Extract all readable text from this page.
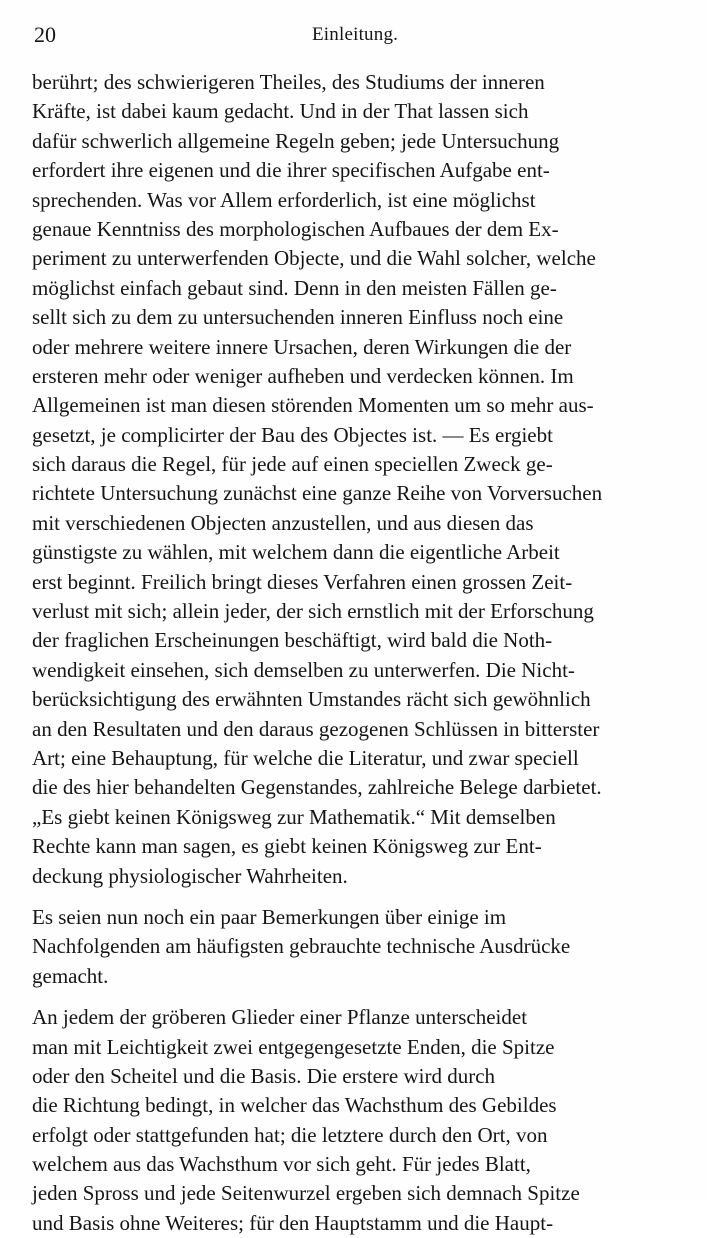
20	Einleitung.
berührt; des schwierigeren Theiles, des Studiums der inneren
Kräfte, ist dabei kaum gedacht. Und in der That lassen sich
dafür schwerlich allgemeine Regeln geben; jede Untersuchung
erfordert ihre eigenen und die ihrer specifischen Aufgabe ent-
sprechenden. Was vor Allem erforderlich, ist eine möglichst
genaue Kenntniss des morphologischen Aufbaues der dem Ex-
periment zu unterwerfenden Objecte, und die Wahl solcher, welche
möglichst einfach gebaut sind. Denn in den meisten Fällen ge-
sellt sich zu dem zu untersuchenden inneren Einfluss noch eine
oder mehrere weitere innere Ursachen, deren Wirkungen die der
ersteren mehr oder weniger aufheben und verdecken können. Im
Allgemeinen ist man diesen störenden Momenten um so mehr aus-
gesetzt, je complicirter der Bau des Objectes ist. — Es ergiebt
sich daraus die Regel, für jede auf einen speciellen Zweck ge-
richtete Untersuchung zunächst eine ganze Reihe von Vorversuchen
mit verschiedenen Objecten anzustellen, und aus diesen das
günstigste zu wählen, mit welchem dann die eigentliche Arbeit
erst beginnt. Freilich bringt dieses Verfahren einen grossen Zeit-
verlust mit sich; allein jeder, der sich ernstlich mit der Erforschung
der fraglichen Erscheinungen beschäftigt, wird bald die Noth-
wendigkeit einsehen, sich demselben zu unterwerfen. Die Nicht-
berücksichtigung des erwähnten Umstandes rächt sich gewöhnlich
an den Resultaten und den daraus gezogenen Schlüssen in bitterster
Art; eine Behauptung, für welche die Literatur, und zwar speciell
die des hier behandelten Gegenstandes, zahlreiche Belege darbietet.
„Es giebt keinen Königsweg zur Mathematik.“ Mit demselben
Rechte kann man sagen, es giebt keinen Königsweg zur Ent-
deckung physiologischer Wahrheiten.
Es seien nun noch ein paar Bemerkungen über einige im
Nachfolgenden am häufigsten gebrauchte technische Ausdrücke
gemacht.
An jedem der gröberen Glieder einer Pflanze unterscheidet
man mit Leichtigkeit zwei entgegengesetzte Enden, die Spitze
oder den Scheitel und die Basis. Die erstere wird durch
die Richtung bedingt, in welcher das Wachsthum des Gebildes
erfolgt oder stattgefunden hat; die letztere durch den Ort, von
welchem aus das Wachsthum vor sich geht. Für jedes Blatt,
jeden Spross und jede Seitenwurzel ergeben sich demnach Spitze
und Basis ohne Weiteres; für den Hauptstamm und die Haupt-
